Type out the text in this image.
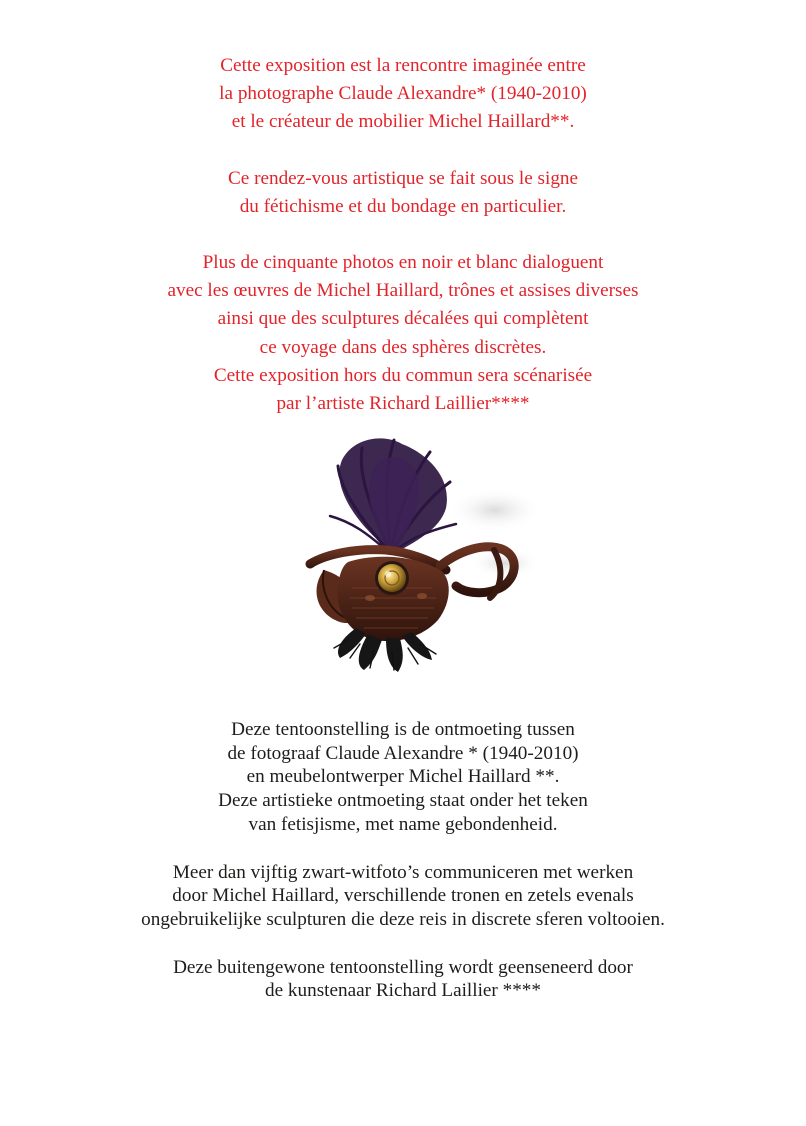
Cette exposition est la rencontre imaginée entre
la photographe Claude Alexandre* (1940-2010)
et le créateur de mobilier Michel Haillard**.

Ce rendez-vous artistique se fait sous le signe
du fétichisme et du bondage en particulier.

Plus de cinquante photos en noir et blanc dialoguent
avec les œuvres de Michel Haillard, trônes et assises diverses
ainsi que des sculptures décalées qui complètent
ce voyage dans des sphères discrètes.
Cette exposition hors du commun sera scénarisée
par l’artiste Richard Laillier****

Deze tentoonstelling is de ontmoeting tussen
de fotograaf Claude Alexandre * (1940-2010)
en meubelontwerper Michel Haillard **.
Deze artistieke ontmoeting staat onder het teken
van fetisjisme, met name gebondenheid.

Meer dan vijftig zwart-witfoto’s communiceren met werken
door Michel Haillard, verschillende tronen en zetels evenals
ongebruikelijke sculpturen die deze reis in discrete sferen voltooien.

Deze buitengewone tentoonstelling wordt geenseneerd door
de kunstenaar Richard Laillier ****
